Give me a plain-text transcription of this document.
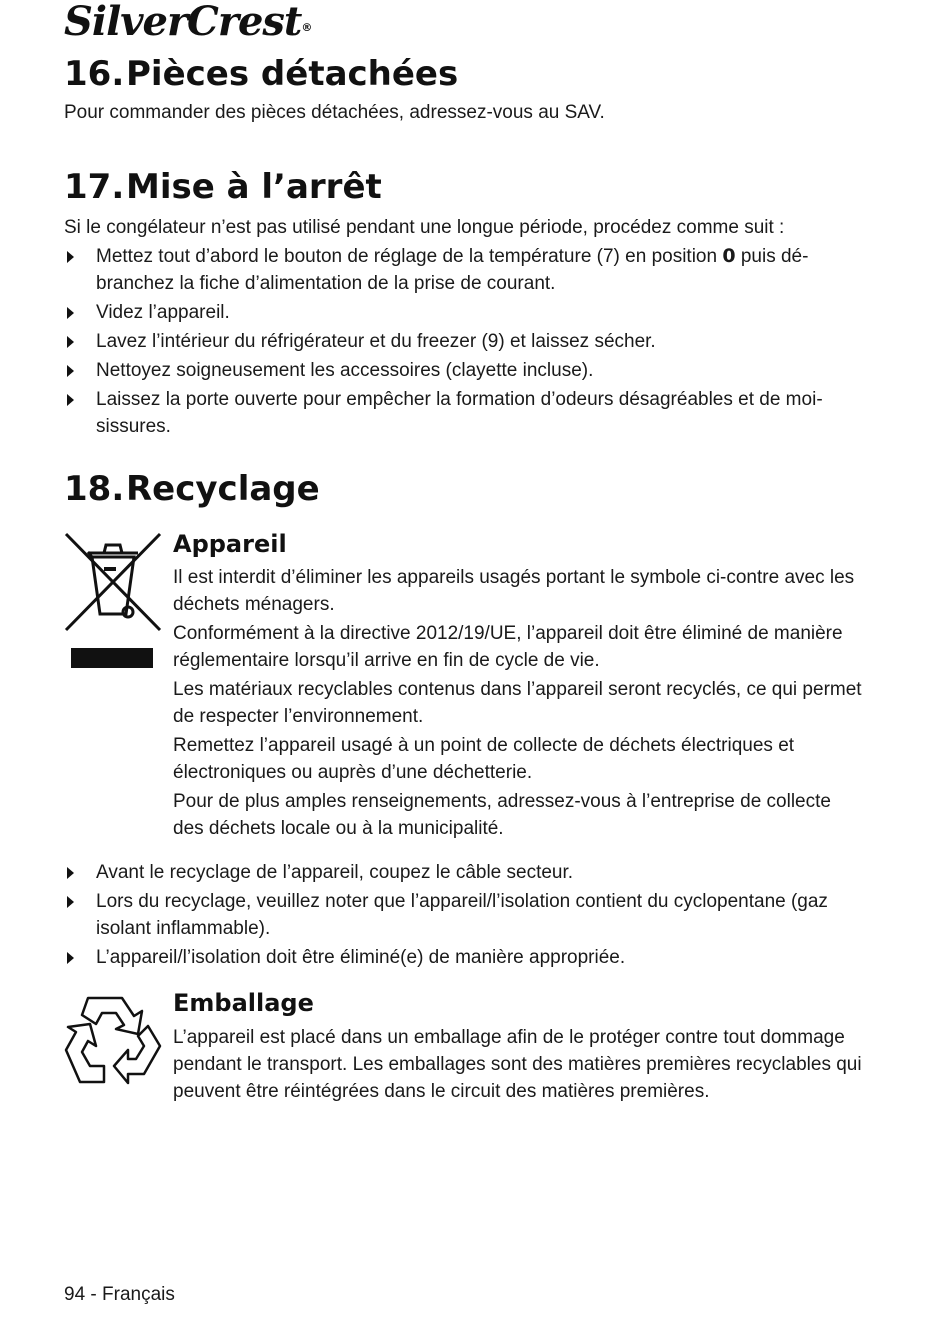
SilverCrest®
16.Pièces détachées

Pour commander des pièces détachées, adressez-vous au SAV.

17.Mise à l’arrêt

Si le congélateur n’est pas utilisé pendant une longue période, procédez comme suit :

Mettez tout d’abord le bouton de réglage de la température (7) en position 0 puis débranchez la fiche d’alimentation de la prise de courant.
Videz l’appareil.
Lavez l’intérieur du réfrigérateur et du freezer (9) et laissez sécher.
Nettoyez soigneusement les accessoires (clayette incluse).
Laissez la porte ouverte pour empêcher la formation d’odeurs désagréables et de moisissures.
18.Recyclage
Appareil

Il est interdit d’éliminer les appareils usagés portant le symbole ci-contre avec les déchets ménagers.

Conformément à la directive 2012/19/UE, l’appareil doit être éliminé de manière réglementaire lorsqu’il arrive en fin de cycle de vie.

Les matériaux recyclables contenus dans l’appareil seront recyclés, ce qui permet de respecter l’environnement.

Remettez l’appareil usagé à un point de collecte de déchets électriques et électroniques ou auprès d’une déchetterie.

Pour de plus amples renseignements, adressez-vous à l’entreprise de collecte des déchets locale ou à la municipalité.

Avant le recyclage de l’appareil, coupez le câble secteur.
Lors du recyclage, veuillez noter que l’appareil/l’isolation contient du cyclopentane (gaz isolant inflammable).
L’appareil/l’isolation doit être éliminé(e) de manière appropriée.
Emballage

L’appareil est placé dans un emballage afin de le protéger contre tout dommage pendant le transport. Les emballages sont des matières premières recyclables qui peuvent être réintégrées dans le circuit des matières premières.

94 - Français
